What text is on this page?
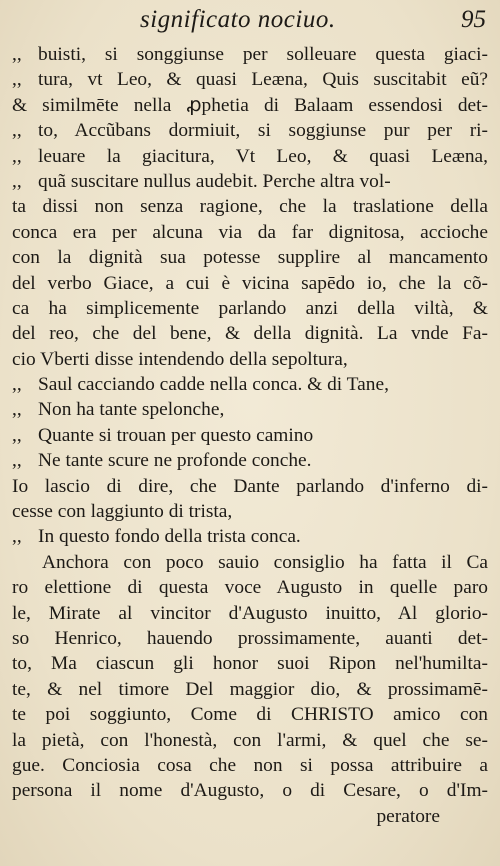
significato nociuo.	95
,, buisti, si songgiunse per solleuare questa giaci-
,, tura, vt Leo, & quasi Leæna, Quis suscitabit eũ?
& similmēte nella ꝓphetia di Balaam essendosi det-
,, to, Accũbans dormiuit, si soggiunse pur per ri-
,, leuare la giacitura, Vt Leo, & quasi Leæna,
,, quã suscitare nullus audebit. Perche altra vol-
ta dissi non senza ragione, che la traslatione della
conca era per alcuna via da far dignitosa, accioche
con la dignità sua potesse supplire al mancamento
del verbo Giace, a cui è vicina sapēdo io, che la cõ-
ca ha simplicemente parlando anzi della viltà, &
del reo, che del bene, & della dignità. La vnde Fa-
cio Vberti disse intendendo della sepoltura,
,, Saul cacciando cadde nella conca. & di Tane,
,, Non ha tante spelonche,
,, Quante si trouan per questo camino
,, Ne tante scure ne profonde conche.
Io lascio di dire, che Dante parlando d'inferno di-
cesse con laggiunto di trista,
,, In questo fondo della trista conca.
Anchora con poco sauio consiglio ha fatta il Ca
ro elettione di questa voce Augusto in quelle paro
le, Mirate al vincitor d'Augusto inuitto, Al glorio-
so Henrico, hauendo prossimamente, auanti det-
to, Ma ciascun gli honor suoi Ripon nel'humilta-
te, & nel timore Del maggior dio, & prossimamē-
te poi soggiunto, Come di CHRISTO amico con
la pietà, con l'honestà, con l'armi, & quel che se-
gue. Conciosia cosa che non si possa attribuire a
persona il nome d'Augusto, o di Cesare, o d'Im-
peratore
